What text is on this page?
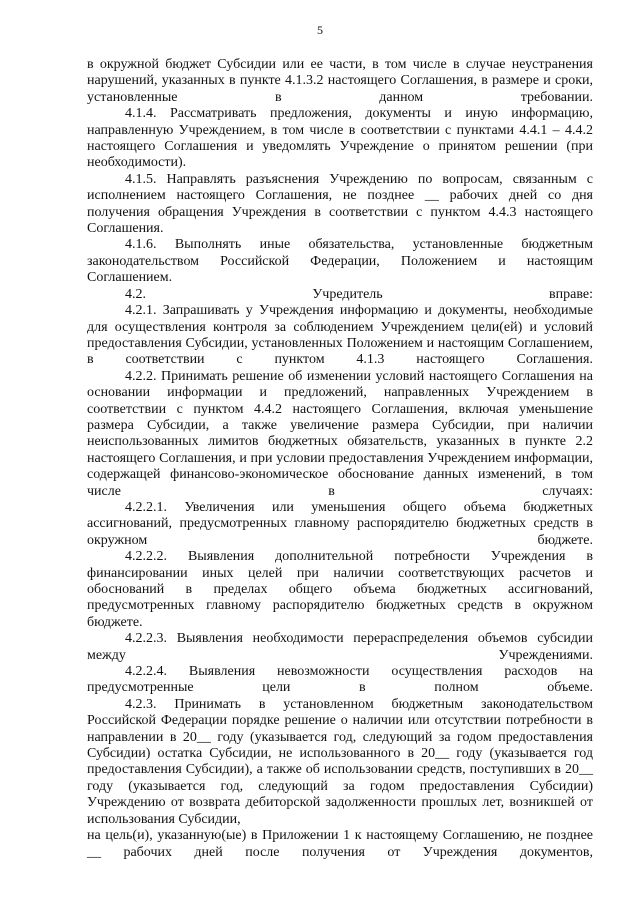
5

в окружной бюджет Субсидии или ее части, в том числе в случае неустранения нарушений, указанных в пункте 4.1.3.2 настоящего Соглашения, в размере и сроки, установленные в данном требовании.

4.1.4. Рассматривать предложения, документы и иную информацию, направленную Учреждением, в том числе в соответствии с пунктами 4.4.1 – 4.4.2 настоящего Соглашения и уведомлять Учреждение о принятом решении (при необходимости).

4.1.5. Направлять разъяснения Учреждению по вопросам, связанным с исполнением настоящего Соглашения, не позднее __ рабочих дней со дня получения обращения Учреждения в соответствии с пунктом 4.4.3 настоящего Соглашения.

4.1.6. Выполнять иные обязательства, установленные бюджетным законодательством Российской Федерации, Положением и настоящим Соглашением.

4.2. Учредитель вправе:

4.2.1. Запрашивать у Учреждения информацию и документы, необходимые для осуществления контроля за соблюдением Учреждением цели(ей) и условий предоставления Субсидии, установленных Положением и настоящим Соглашением, в соответствии с пунктом 4.1.3 настоящего Соглашения.

4.2.2. Принимать решение об изменении условий настоящего Соглашения на основании информации и предложений, направленных Учреждением в соответствии с пунктом 4.4.2 настоящего Соглашения, включая уменьшение размера Субсидии, а также увеличение размера Субсидии, при наличии неиспользованных лимитов бюджетных обязательств, указанных в пункте 2.2 настоящего Соглашения, и при условии предоставления Учреждением информации, содержащей финансово-экономическое обоснование данных изменений, в том числе в случаях:

4.2.2.1. Увеличения или уменьшения общего объема бюджетных ассигнований, предусмотренных главному распорядителю бюджетных средств в окружном бюджете.

4.2.2.2. Выявления дополнительной потребности Учреждения в финансировании иных целей при наличии соответствующих расчетов и обоснований в пределах общего объема бюджетных ассигнований, предусмотренных главному распорядителю бюджетных средств в окружном бюджете.

4.2.2.3. Выявления необходимости перераспределения объемов субсидии между Учреждениями.

4.2.2.4. Выявления невозможности осуществления расходов на предусмотренные цели в полном объеме.

4.2.3. Принимать в установленном бюджетным законодательством Российской Федерации порядке решение о наличии или отсутствии потребности в направлении в 20__ году (указывается год, следующий за годом предоставления Субсидии) остатка Субсидии, не использованного в 20__ году (указывается год предоставления Субсидии), а также об использовании средств, поступивших в 20__ году (указывается год, следующий за годом предоставления Субсидии) Учреждению от возврата дебиторской задолженности прошлых лет, возникшей от использования Субсидии,

на цель(и), указанную(ые) в Приложении 1 к настоящему Соглашению, не позднее __ рабочих дней после получения от Учреждения документов,
